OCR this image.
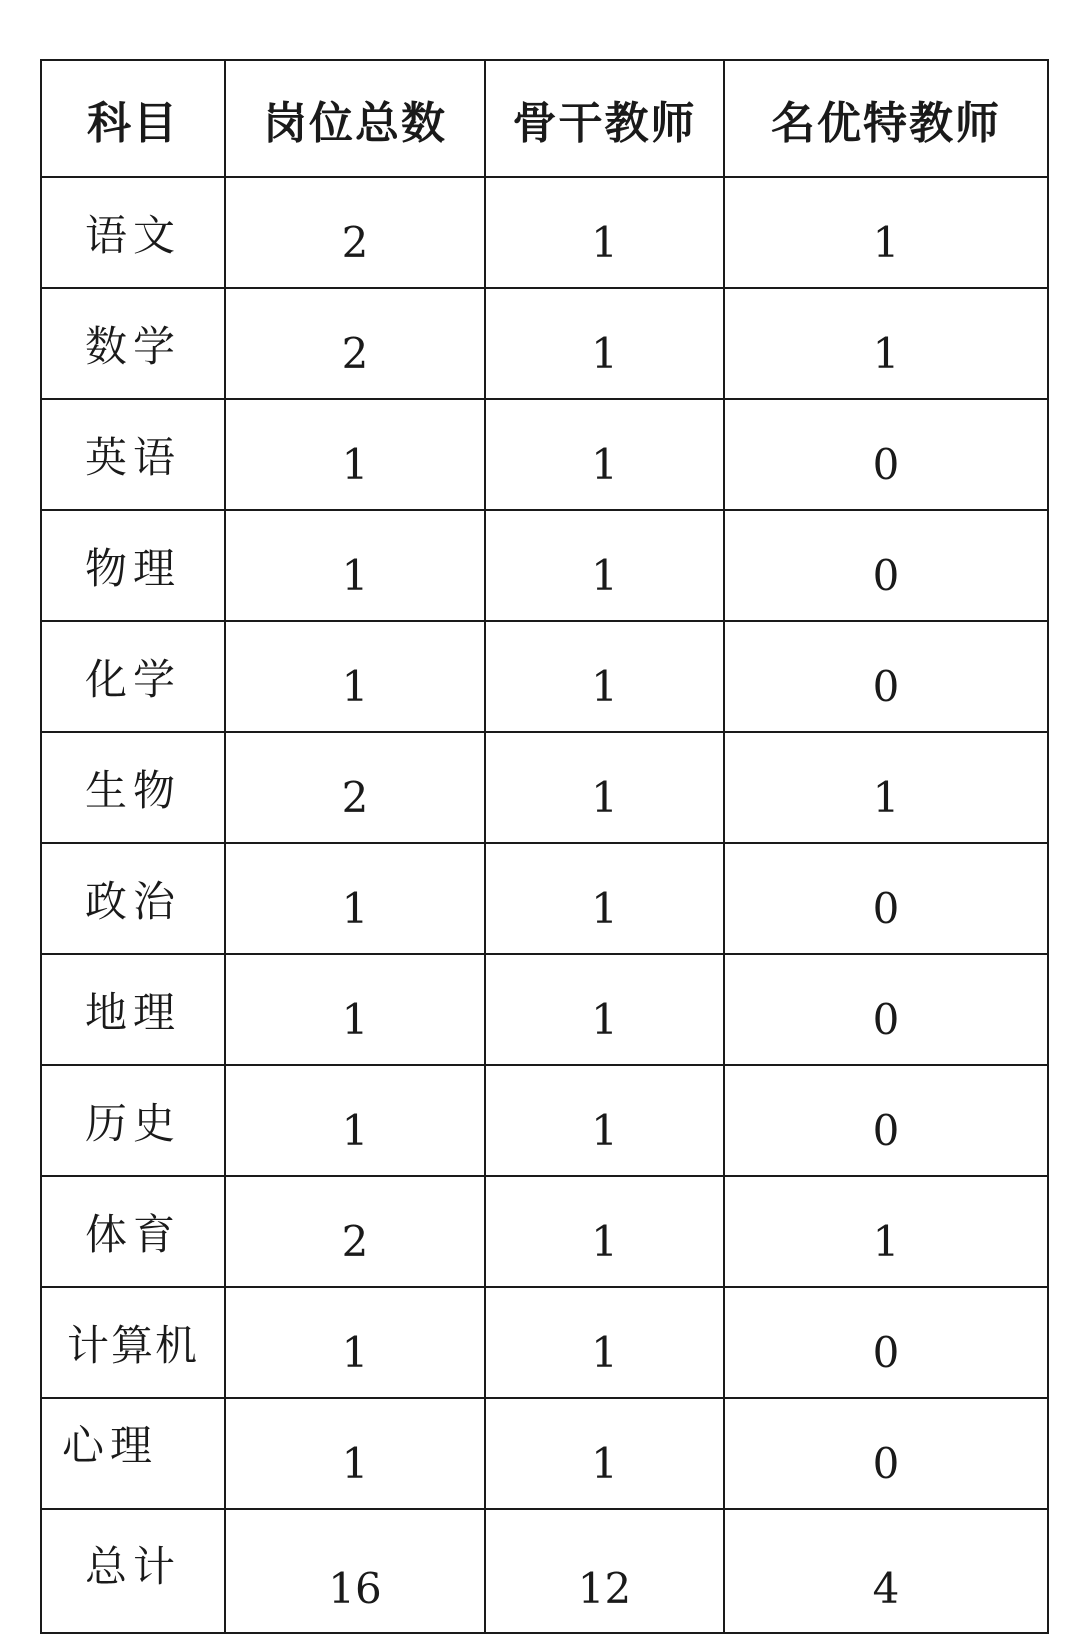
科目	岗位总数	骨干教师	名优特教师
语文	2	1	1
数学	2	1	1
英语	1	1	0
物理	1	1	0
化学	1	1	0
生物	2	1	1
政治	1	1	0
地理	1	1	0
历史	1	1	0
体育	2	1	1
计算机	1	1	0
心理	1	1	0
总计	16	12	4
